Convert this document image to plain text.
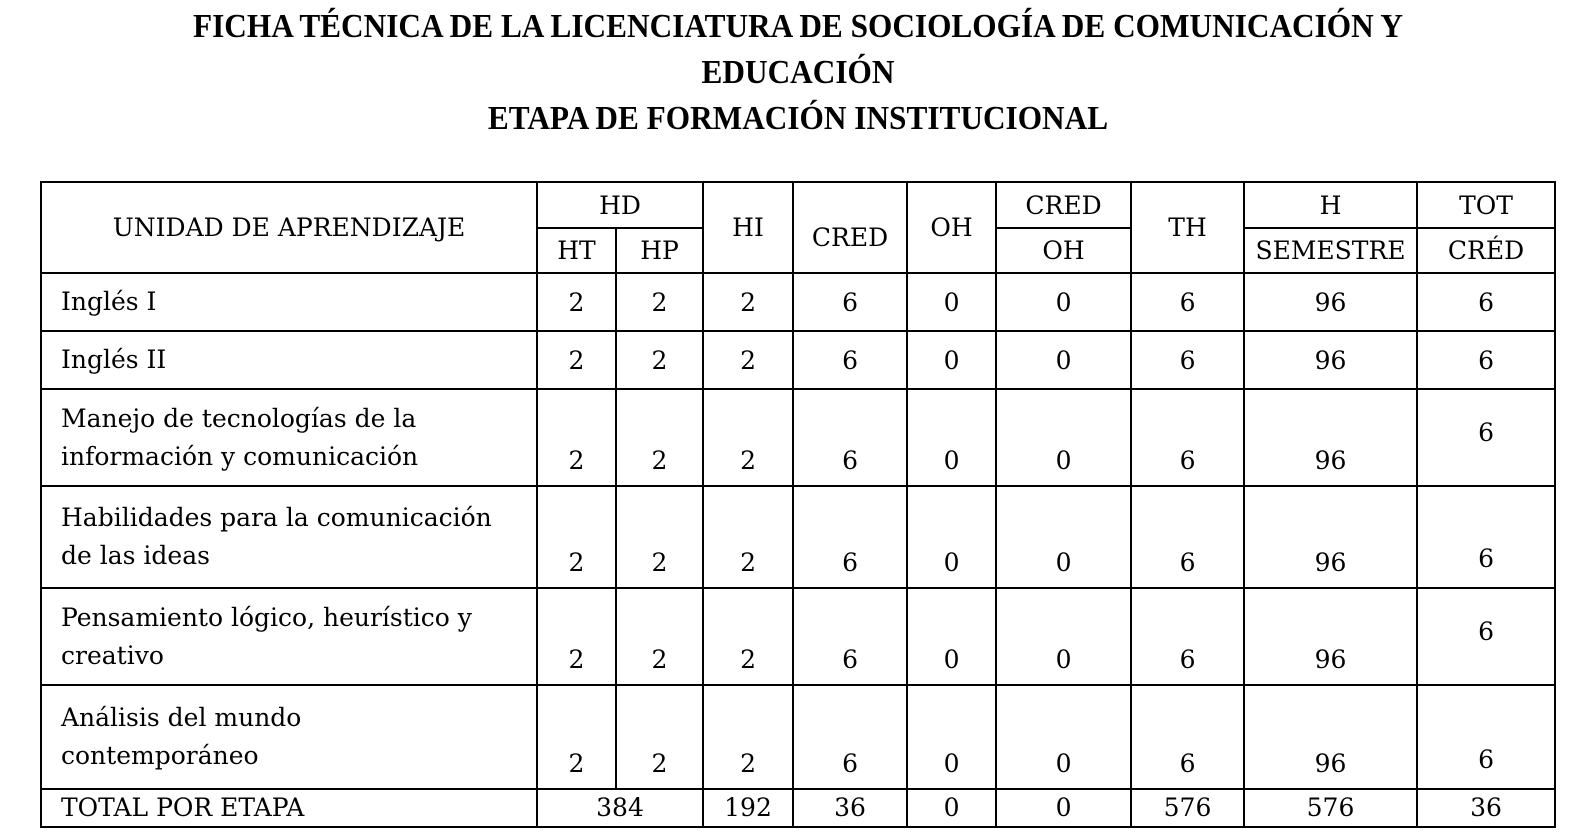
FICHA TÉCNICA DE LA LICENCIATURA DE SOCIOLOGÍA DE COMUNICACIÓN Y
EDUCACIÓN
ETAPA DE FORMACIÓN INSTITUCIONAL
UNIDAD DE APRENDIZAJE	HD		HI	CRED	OH	CRED	TH	H	TOT
	HT	HP				OH		SEMESTRE	CRÉD
Inglés I	2	2	2	6	0	0	6	96	6
Inglés II	2	2	2	6	0	0	6	96	6
Manejo de tecnologías de la
información y comunicación	2	2	2	6	0	0	6	96	6
Habilidades para la comunicación
de las ideas	2	2	2	6	0	0	6	96	6
Pensamiento lógico, heurístico y
creativo	2	2	2	6	0	0	6	96	6
Análisis del mundo
contemporáneo	2	2	2	6	0	0	6	96	6
TOTAL POR ETAPA	384		192	36	0	0	576	576	36
